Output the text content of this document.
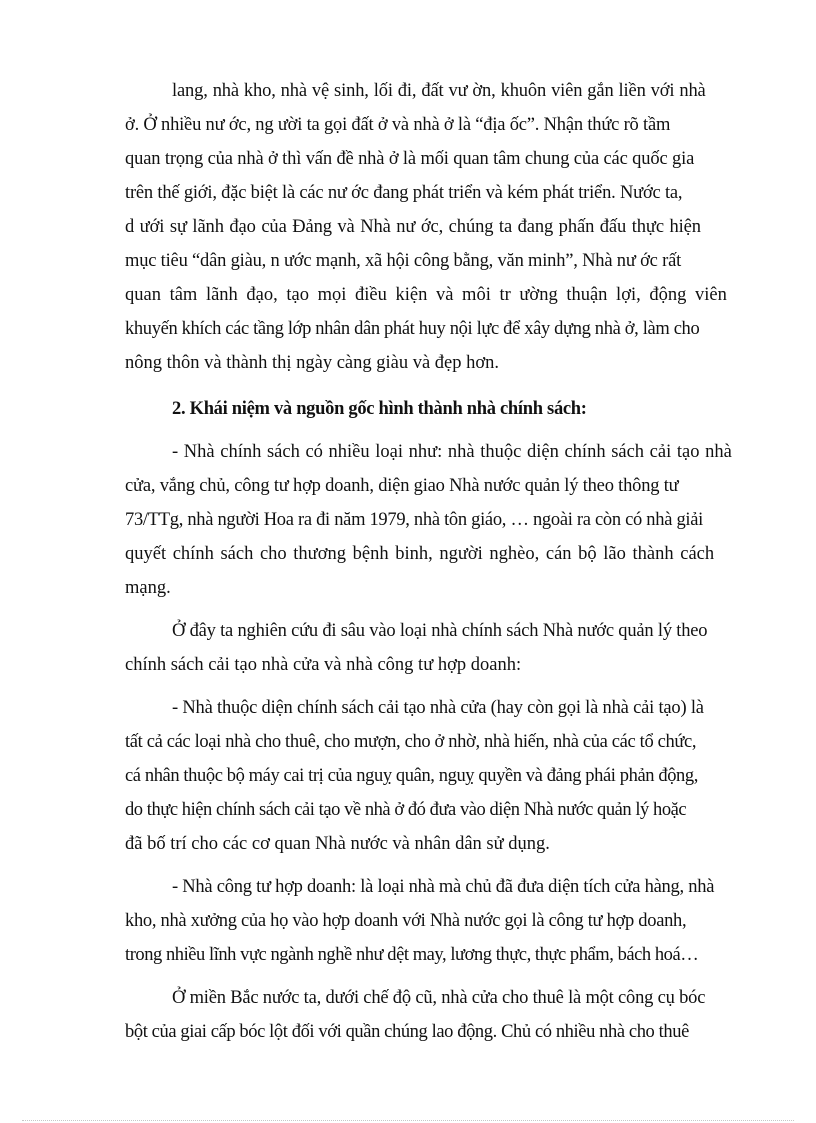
lang, nhà kho, nhà vệ sinh, lối đi, đất vư ờn, khuôn viên gắn liền với nhà
ở. Ở nhiều nư ớc, ng ười ta gọi đất ở và nhà ở là “địa ốc”. Nhận thức rõ tầm
quan trọng của nhà ở thì vấn đề nhà ở là mối quan tâm chung của các quốc gia
trên thế giới, đặc biệt là các nư ớc đang phát triển và kém phát triển. Nước ta,
d ưới sự lãnh đạo của Đảng và Nhà nư ớc, chúng ta đang phấn đấu thực hiện
mục tiêu “dân giàu, n ước mạnh, xã hội công bằng, văn minh”, Nhà nư ớc rất
quan tâm lãnh đạo, tạo mọi điều kiện và môi tr ường thuận lợi, động viên
khuyến khích các tầng lớp nhân dân phát huy nội lực để xây dựng nhà ở, làm cho
nông thôn và thành thị ngày càng giàu và đẹp hơn.
2. Khái niệm và nguồn gốc hình thành nhà chính sách:
- Nhà chính sách có nhiều loại như: nhà thuộc diện chính sách cải tạo nhà
cửa, vắng chủ, công tư hợp doanh, diện giao Nhà nước quản lý theo thông tư
73/TTg, nhà người Hoa ra đi năm 1979, nhà tôn giáo, … ngoài ra còn có nhà giải
quyết chính sách cho thương bệnh binh, người nghèo, cán bộ lão thành cách
mạng.
Ở đây ta nghiên cứu đi sâu vào loại nhà chính sách Nhà nước quản lý theo
chính sách cải tạo nhà cửa và nhà công tư hợp doanh:
- Nhà thuộc diện chính sách cải tạo nhà cửa (hay còn gọi là nhà cải tạo) là
tất cả các loại nhà cho thuê, cho mượn, cho ở nhờ, nhà hiến, nhà của các tổ chức,
cá nhân thuộc bộ máy cai trị của nguỵ quân, nguỵ quyền và đảng phái phản động,
do thực hiện chính sách cải tạo về nhà ở đó đưa vào diện Nhà nước quản lý hoặc
đã bố trí cho các cơ quan Nhà nước và nhân dân sử dụng.
- Nhà công tư hợp doanh: là loại nhà mà chủ đã đưa diện tích cửa hàng, nhà
kho, nhà xưởng của họ vào hợp doanh với Nhà nước gọi là công tư hợp doanh,
trong nhiều lĩnh vực ngành nghề như dệt may, lương thực, thực phẩm, bách hoá…
Ở miền Bắc nước ta, dưới chế độ cũ, nhà cửa cho thuê là một công cụ bóc
bột của giai cấp bóc lột đối với quần chúng lao động. Chủ có nhiều nhà cho thuê
